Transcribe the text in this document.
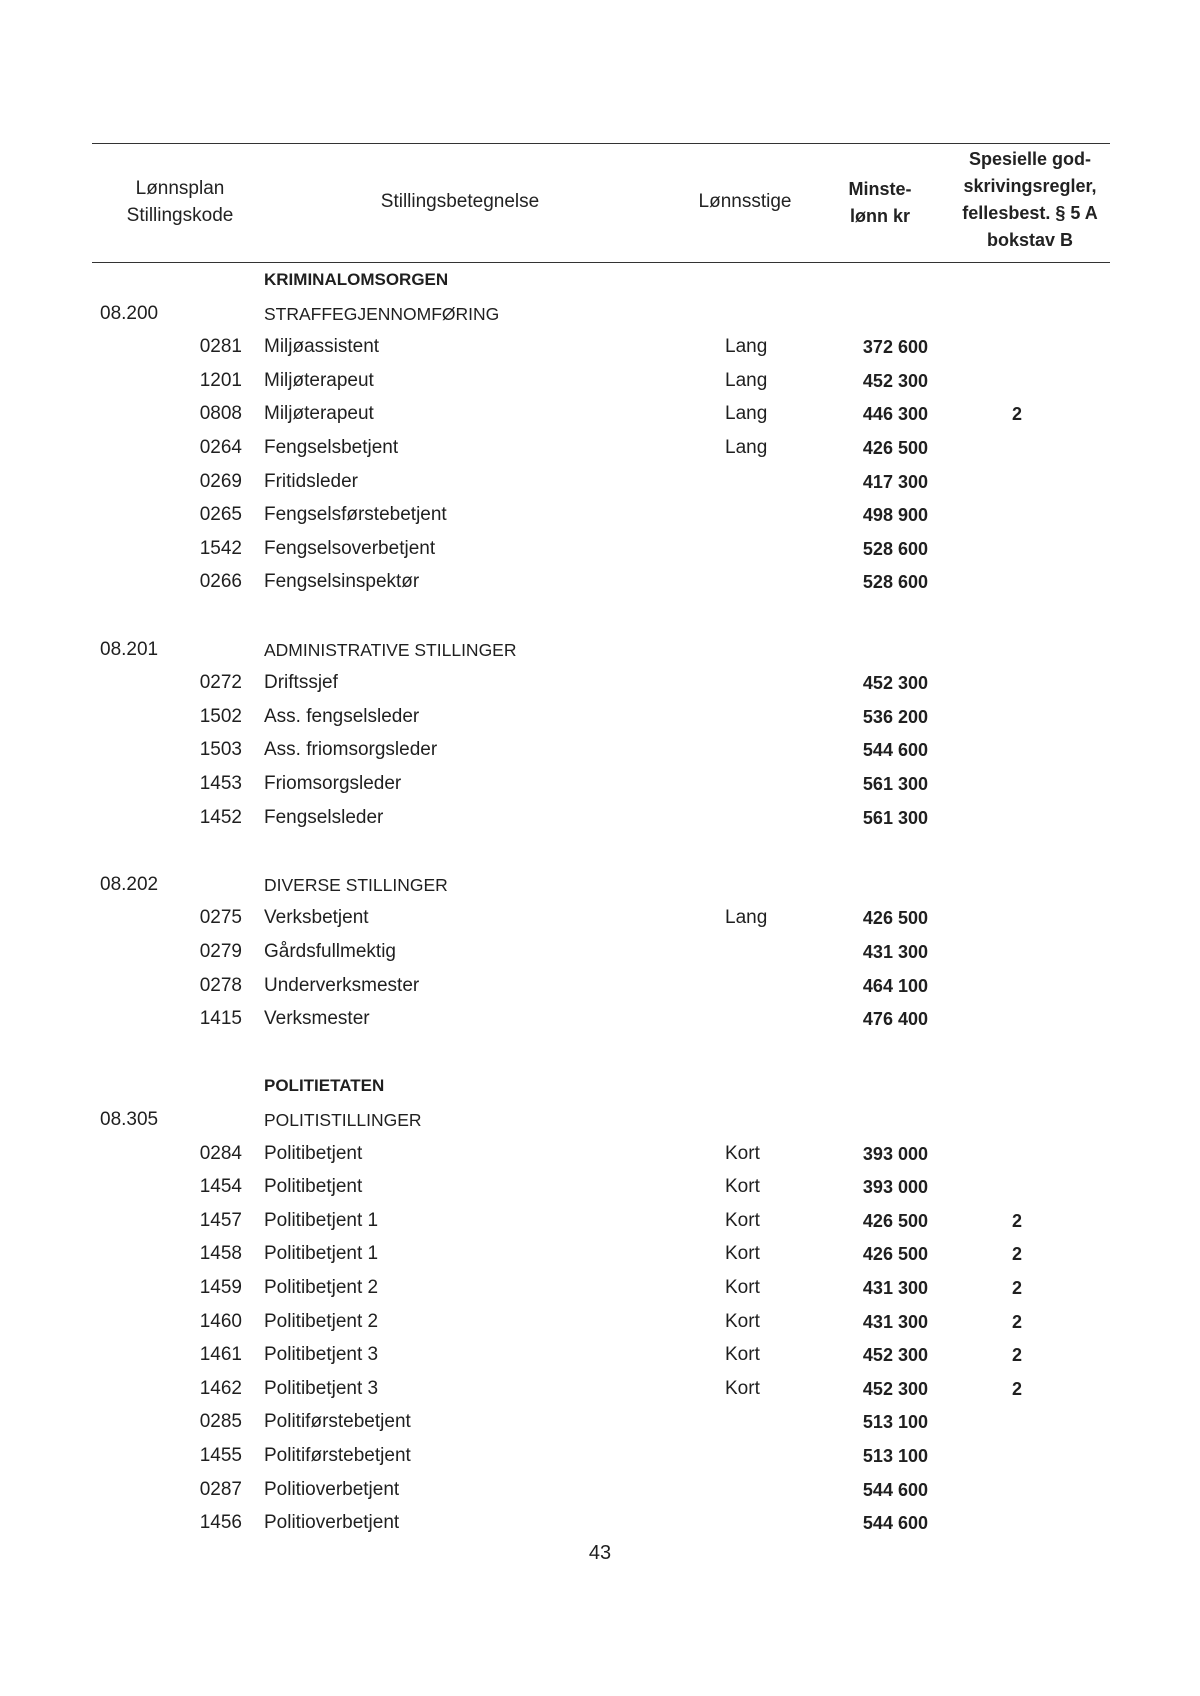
Lønnsplan
Stillingskode
Stillingsbetegnelse	Lønnsstige
Minste-
lønn kr
Spesielle god-
skrivingsregler,
fellesbest. § 5 A
bokstav B
KRIMINALOMSORGEN
08.200	STRAFFEGJENNOMFØRING
0281 Miljøassistent	Lang	372 600
1201 Miljøterapeut	Lang	452 300
0808 Miljøterapeut	Lang	446 300	2
0264 Fengselsbetjent	Lang	426 500
0269 Fritidsleder	417 300
0265 Fengselsførstebetjent	498 900
1542 Fengselsoverbetjent	528 600
0266 Fengselsinspektør	528 600
08.201	ADMINISTRATIVE STILLINGER
0272 Driftssjef	452 300
1502 Ass. fengselsleder	536 200
1503 Ass. friomsorgsleder	544 600
1453 Friomsorgsleder	561 300
1452 Fengselsleder	561 300
08.202	DIVERSE STILLINGER
0275 Verksbetjent	Lang	426 500
0279 Gårdsfullmektig	431 300
0278 Underverksmester	464 100
1415 Verksmester	476 400
POLITIETATEN
08.305	POLITISTILLINGER
0284 Politibetjent	Kort	393 000
1454 Politibetjent	Kort	393 000
1457 Politibetjent 1	Kort	426 500	2
1458 Politibetjent 1	Kort	426 500	2
1459 Politibetjent 2	Kort	431 300	2
1460 Politibetjent 2	Kort	431 300	2
1461 Politibetjent 3	Kort	452 300	2
1462 Politibetjent 3	Kort	452 300	2
0285 Politiførstebetjent	513 100
1455 Politiførstebetjent	513 100
0287 Politioverbetjent	544 600
1456 Politioverbetjent	544 600
43
